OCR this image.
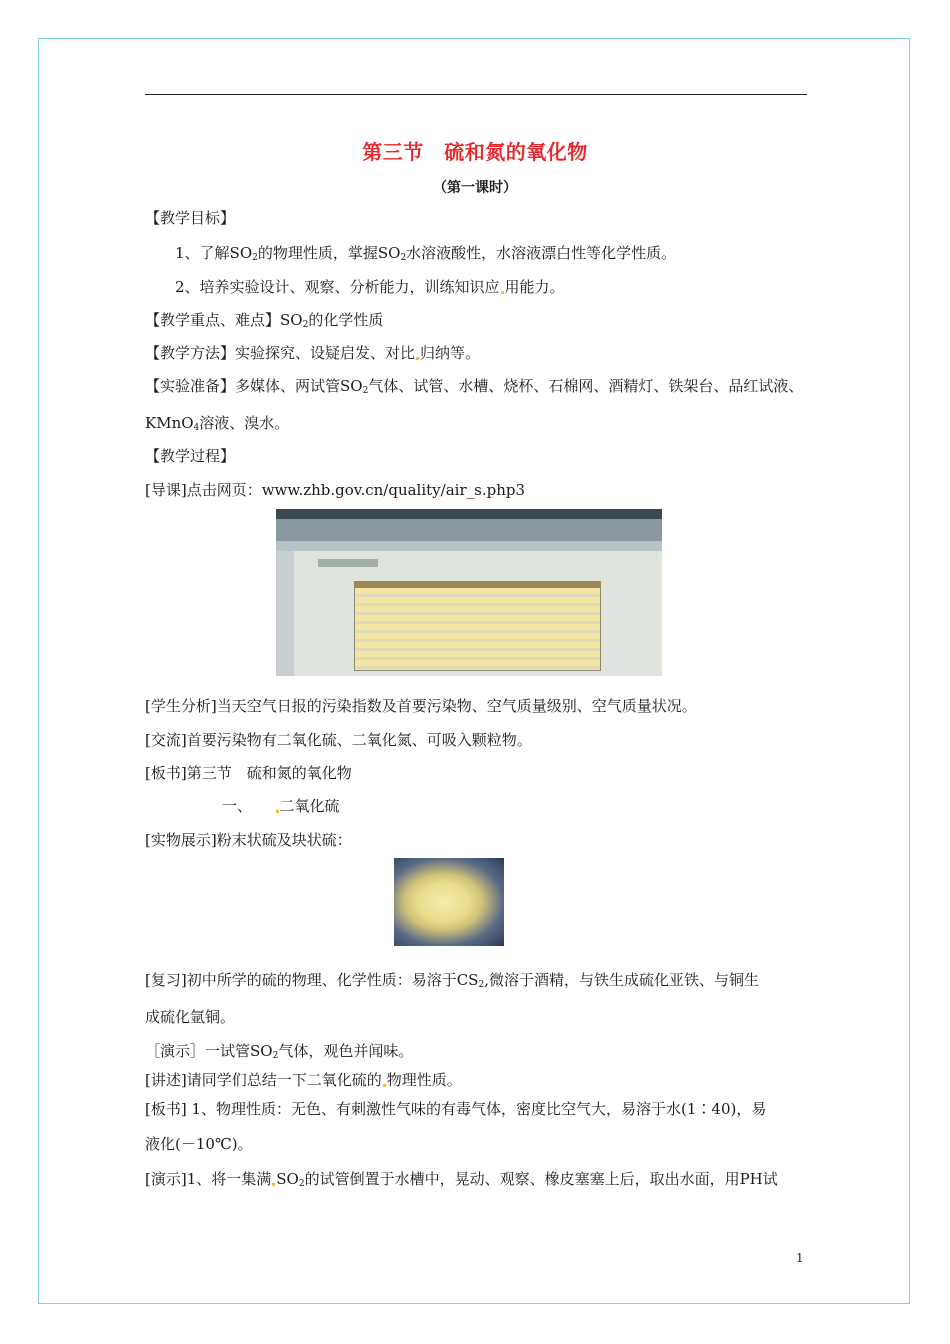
第三节　硫和氮的氧化物
（第一课时）
【教学目标】
1、了解$SO_2$的物理性质，掌握$SO_2$水溶液酸性，水溶液漂白性等化学性质。
2、培养实验设计、观察、分析能力，训练知识应 用能力。
【教学重点、难点】$SO_2$的化学性质
【教学方法】实验探究、设疑启发、对比 归纳等。
【实验准备】多媒体、两试管$SO_2$气体、试管、水槽、烧杯、石棉网、酒精灯、铁架台、品红试液、
KMnO$_4$溶液、溴水。
【教学过程】
[导课]点击网页：www.zhb.gov.cn/quality/air_s.php3
[学生分析]当天空气日报的污染指数及首要污染物、空气质量级别、空气质量状况。
[交流]首要污染物有二氧化硫、二氧化氮、可吸入颗粒物。
[板书]第三节　硫和氮的氧化物
一、　　二氧化硫
[实物展示]粉末状硫及块状硫：
[复习]初中所学的硫的物理、化学性质：易溶于$CS_2$,微溶于酒精，与铁生成硫化亚铁、与铜生
成硫化氩铜。
［演示］一试管$SO_2$气体，观色并闻味。
[讲述]请同学们总结一下二氧化硫的 物理性质。
[板书] 1、物理性质：无色、有刺激性气味的有毒气体，密度比空气大，易溶于水(1∶40)，易
液化(－10℃)。
[演示]1、将一集满 $SO_2$的试管倒置于水槽中，晃动、观察、橡皮塞塞上后，取出水面，用PH试
1
